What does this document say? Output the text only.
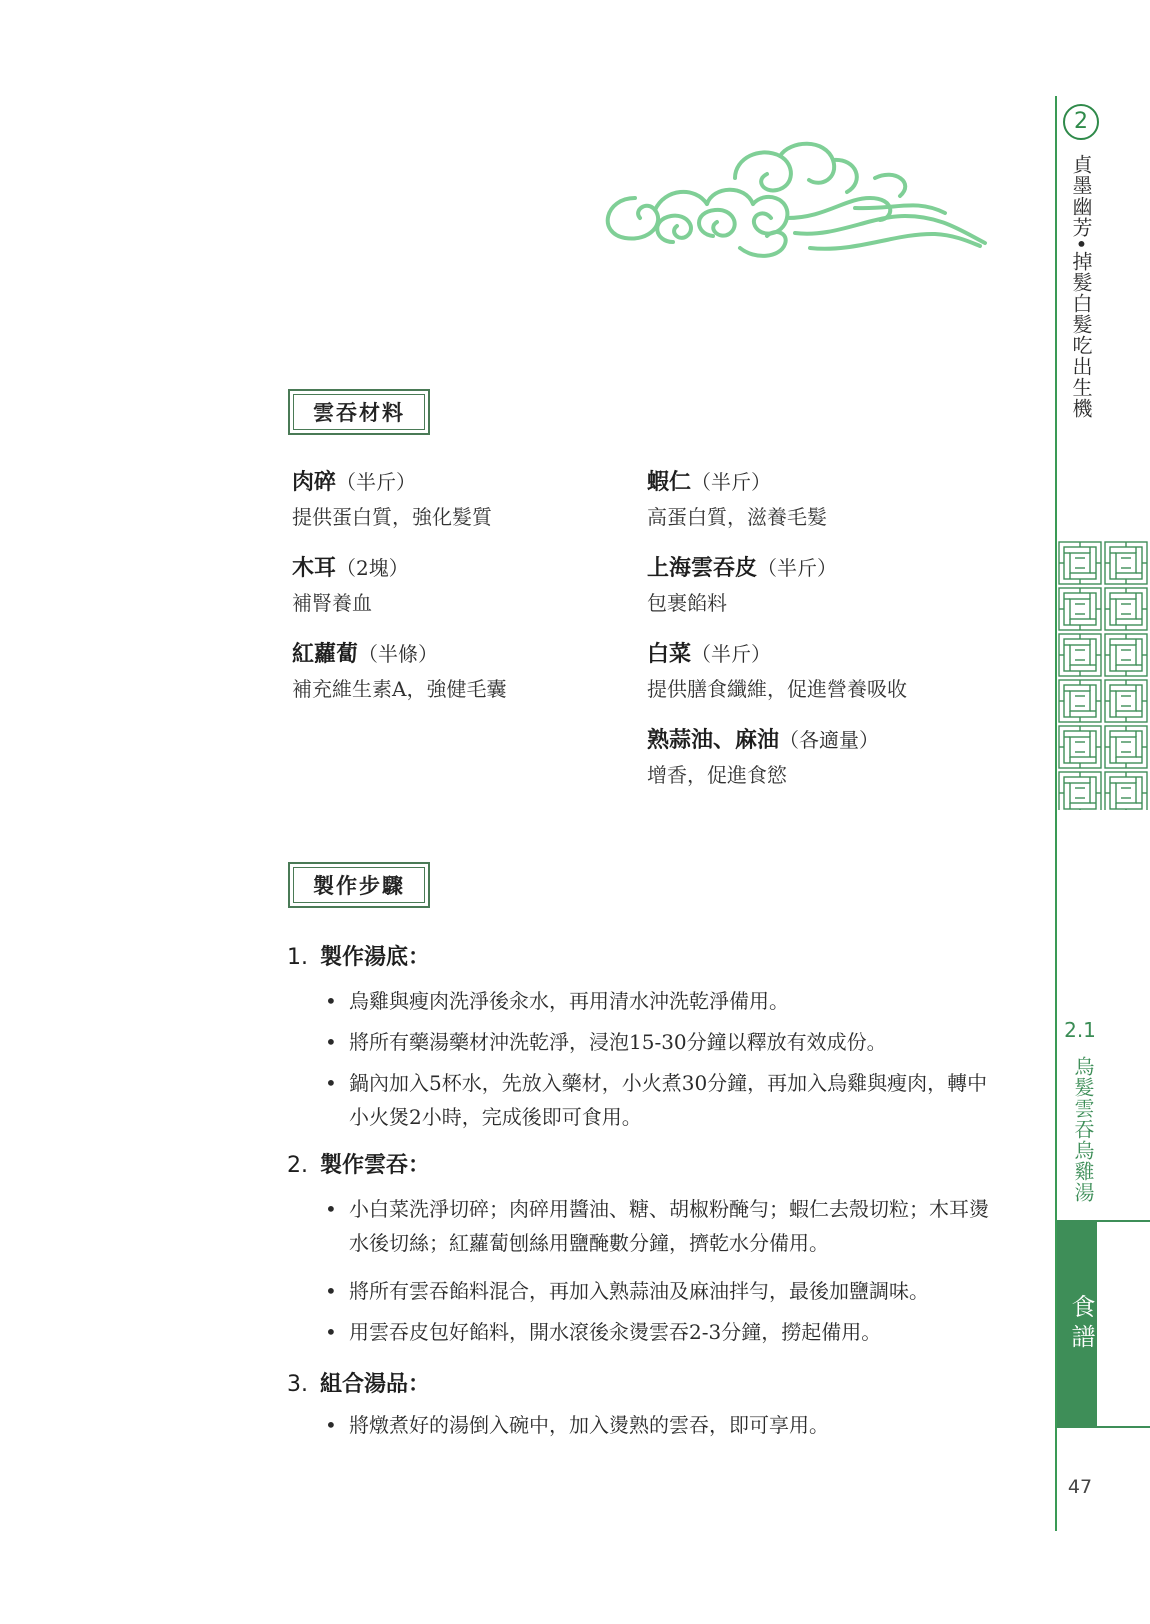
2
貞墨幽芳•掉髮白髮吃出生機
2.1
烏髮雲吞烏雞湯
食譜
47
雲吞材料
肉碎（半斤）
提供蛋白質，強化髮質
木耳（2塊）
補腎養血
紅蘿蔔（半條）
補充維生素A，強健毛囊
蝦仁（半斤）
高蛋白質，滋養毛髮
上海雲吞皮（半斤）
包裹餡料
白菜（半斤）
提供膳食纖維，促進營養吸收
熟蒜油、麻油（各適量）
增香，促進食慾
製作步驟
1. 製作湯底：
• 烏雞與瘦肉洗淨後汆水，再用清水沖洗乾淨備用。
• 將所有藥湯藥材沖洗乾淨，浸泡15-30分鐘以釋放有效成份。
• 鍋內加入5杯水，先放入藥材，小火煮30分鐘，再加入烏雞與瘦肉，轉中小火煲2小時，完成後即可食用。
2. 製作雲吞：
• 小白菜洗淨切碎；肉碎用醬油、糖、胡椒粉醃勻；蝦仁去殼切粒；木耳燙水後切絲；紅蘿蔔刨絲用鹽醃數分鐘，擠乾水分備用。
• 將所有雲吞餡料混合，再加入熟蒜油及麻油拌勻，最後加鹽調味。
• 用雲吞皮包好餡料，開水滾後汆燙雲吞2-3分鐘，撈起備用。
3. 組合湯品：
• 將燉煮好的湯倒入碗中，加入燙熟的雲吞，即可享用。
